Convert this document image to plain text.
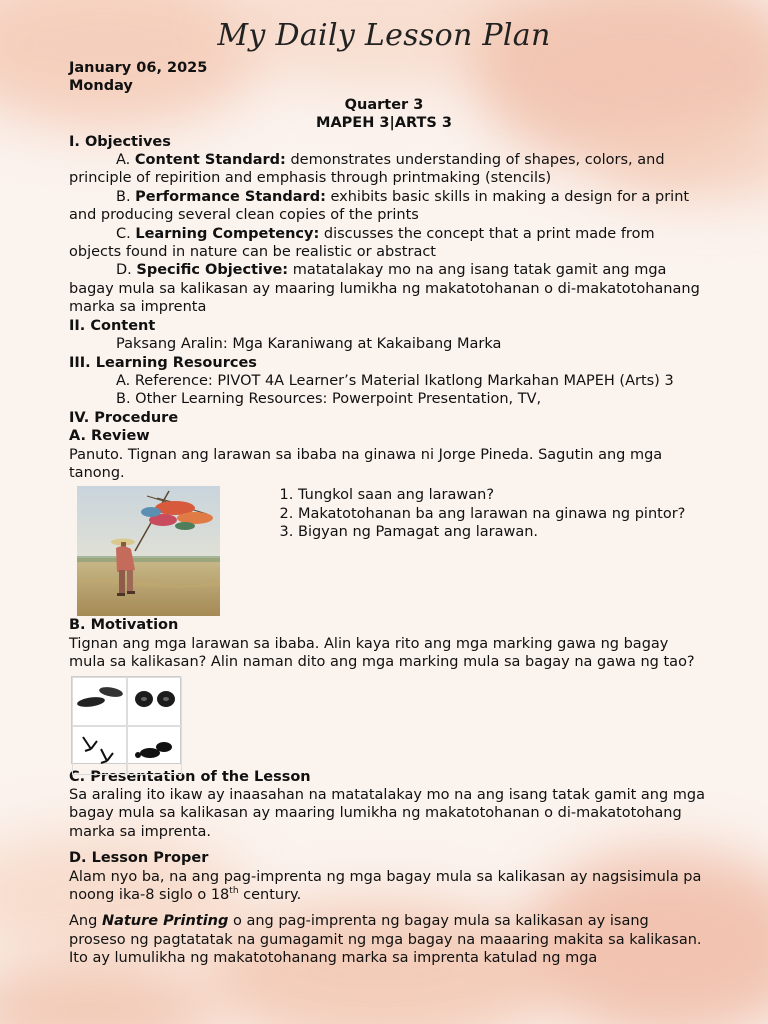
My Daily Lesson Plan

January 06, 2025

Monday

Quarter 3

MAPEH 3|ARTS 3

I. Objectives

A. Content Standard: demonstrates understanding of shapes, colors, and principle of repirition and emphasis through printmaking (stencils)

B. Performance Standard: exhibits basic skills in making a design for a print and producing several clean copies of the prints

C. Learning Competency: discusses the concept that a print made from objects found in nature can be realistic or abstract

D. Specific Objective: matatalakay mo na ang isang tatak gamit ang mga bagay mula sa kalikasan ay maaring lumikha ng makatotohanan o di-makatotohanang marka sa imprenta

II. Content

Paksang Aralin: Mga Karaniwang at Kakaibang Marka

III. Learning Resources

A. Reference: PIVOT 4A Learner’s Material Ikatlong Markahan MAPEH (Arts) 3

B. Other Learning Resources: Powerpoint Presentation, TV,

IV. Procedure

A. Review

Panuto. Tignan ang larawan sa ibaba na ginawa ni Jorge Pineda. Sagutin ang mga tanong.

1. Tungkol saan ang larawan?
2. Makatotohanan ba ang larawan na ginawa ng pintor?
3. Bigyan ng Pamagat ang larawan.

B. Motivation

Tignan ang mga larawan sa ibaba. Alin kaya rito ang mga marking gawa ng bagay mula sa kalikasan? Alin naman dito ang mga marking mula sa bagay na gawa ng tao?

C. Presentation of the Lesson

Sa araling ito ikaw ay inaasahan na matatalakay mo na ang isang tatak gamit ang mga bagay mula sa kalikasan ay maaring lumikha ng makatotohanan o di-makatotohang marka sa imprenta.

D. Lesson Proper

Alam nyo ba, na ang pag-imprenta ng mga bagay mula sa kalikasan ay nagsisimula pa noong ika-8 siglo o 18th century.

Ang Nature Printing o ang pag-imprenta ng bagay mula sa kalikasan ay isang proseso ng pagtatatak na gumagamit ng mga bagay na maaaring makita sa kalikasan. Ito ay lumulikha ng makatotohanang marka sa imprenta katulad ng mga
